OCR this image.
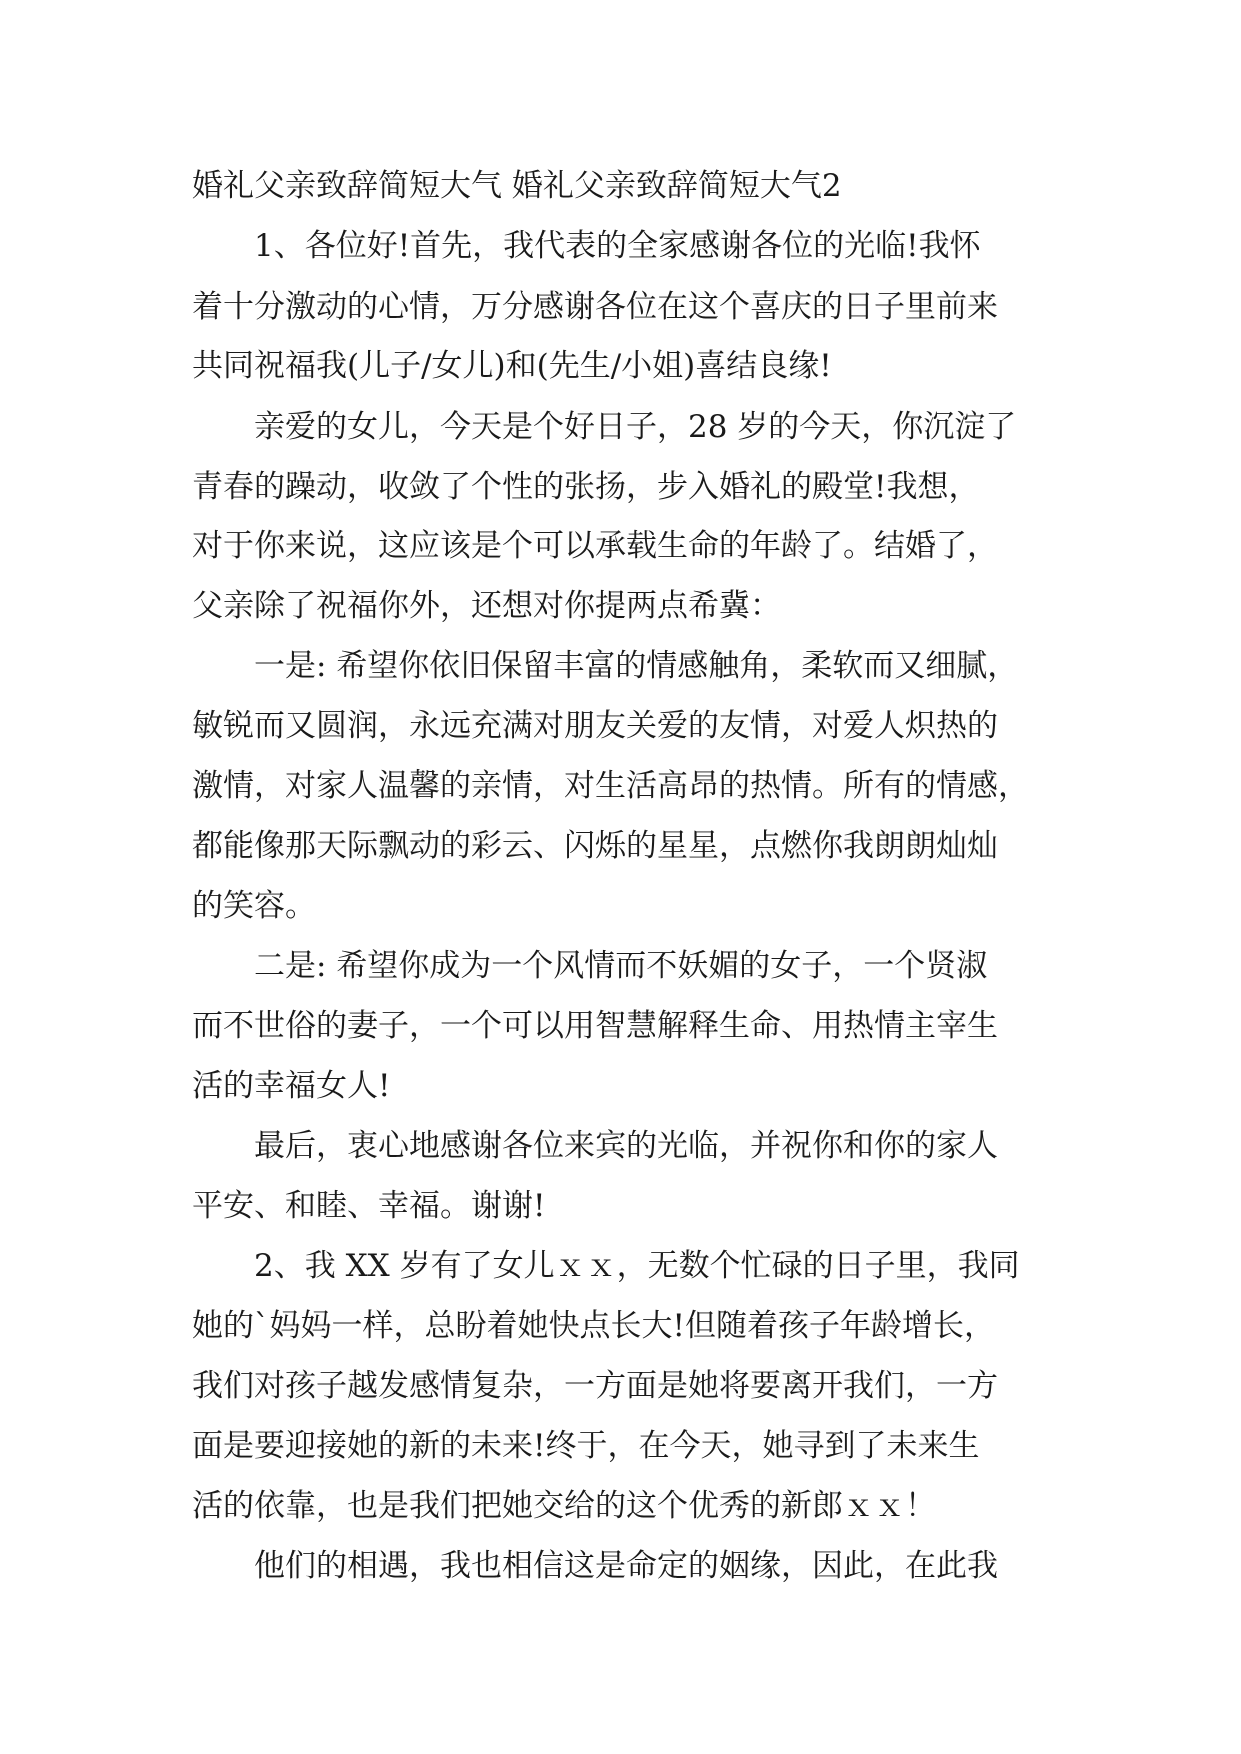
婚礼父亲致辞简短大气 婚礼父亲致辞简短大气2

1、各位好!首先，我代表的全家感谢各位的光临!我怀

着十分激动的心情，万分感谢各位在这个喜庆的日子里前来

共同祝福我(儿子/女儿)和(先生/小姐)喜结良缘!

亲爱的女儿，今天是个好日子，28 岁的今天，你沉淀了

青春的躁动，收敛了个性的张扬，步入婚礼的殿堂!我想，

对于你来说，这应该是个可以承载生命的年龄了。结婚了，

父亲除了祝福你外，还想对你提两点希冀：

一是: 希望你依旧保留丰富的情感触角，柔软而又细腻，

敏锐而又圆润，永远充满对朋友关爱的友情，对爱人炽热的

激情，对家人温馨的亲情，对生活高昂的热情。所有的情感，

都能像那天际飘动的彩云、闪烁的星星，点燃你我朗朗灿灿

的笑容。

二是: 希望你成为一个风情而不妖媚的女子，一个贤淑

而不世俗的妻子，一个可以用智慧解释生命、用热情主宰生

活的幸福女人!

最后，衷心地感谢各位来宾的光临，并祝你和你的家人

平安、和睦、幸福。谢谢!

2、我 XX 岁有了女儿ｘｘ，无数个忙碌的日子里，我同

她的`妈妈一样，总盼着她快点长大!但随着孩子年龄增长，

我们对孩子越发感情复杂，一方面是她将要离开我们，一方

面是要迎接她的新的未来!终于，在今天，她寻到了未来生

活的依靠，也是我们把她交给的这个优秀的新郎ｘｘ！

他们的相遇，我也相信这是命定的姻缘，因此，在此我
